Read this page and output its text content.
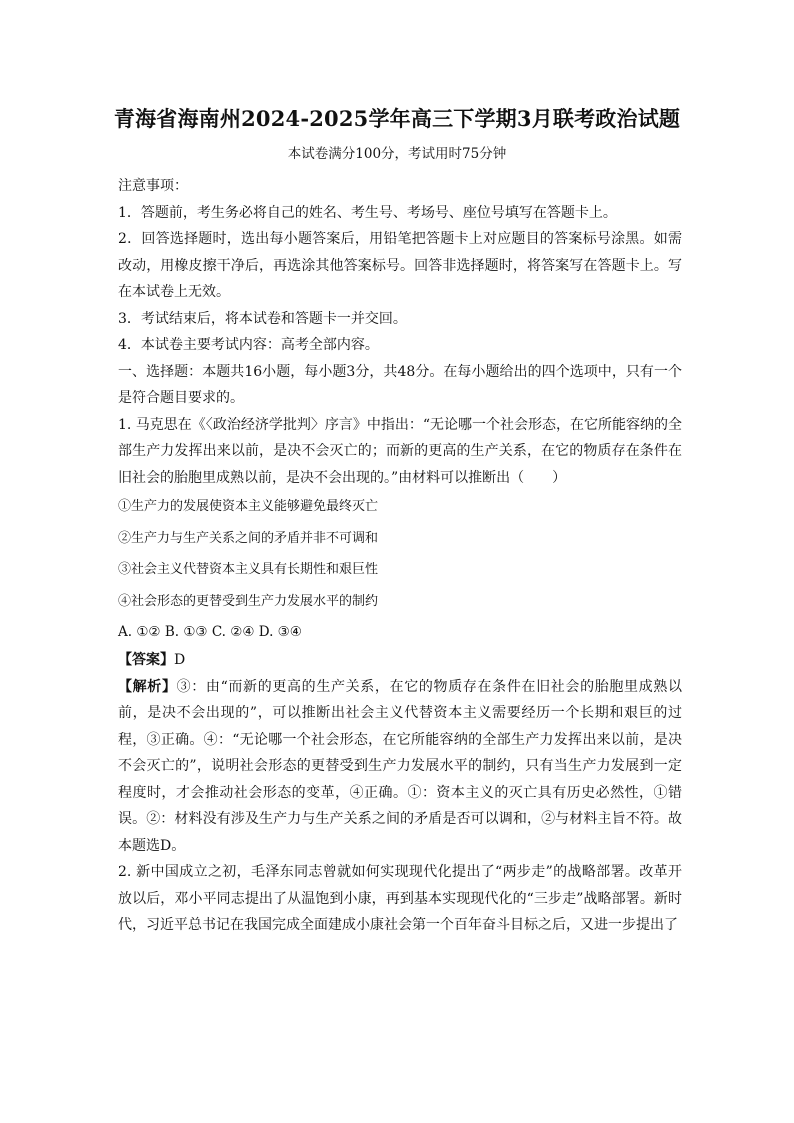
青海省海南州2024-2025学年高三下学期3月联考政治试题
本试卷满分100分，考试用时75分钟

注意事项：

1．答题前，考生务必将自己的姓名、考生号、考场号、座位号填写在答题卡上。

2．回答选择题时，选出每小题答案后，用铅笔把答题卡上对应题目的答案标号涂黑。如需改动，用橡皮擦干净后，再选涂其他答案标号。回答非选择题时，将答案写在答题卡上。写在本试卷上无效。

3．考试结束后，将本试卷和答题卡一并交回。

4．本试卷主要考试内容：高考全部内容。

一、选择题：本题共16小题，每小题3分，共48分。在每小题给出的四个选项中，只有一个是符合题目要求的。

1. 马克思在《〈政治经济学批判〉序言》中指出：“无论哪一个社会形态，在它所能容纳的全部生产力发挥出来以前，是决不会灭亡的；而新的更高的生产关系，在它的物质存在条件在旧社会的胎胞里成熟以前，是决不会出现的。”由材料可以推断出（　　）

①生产力的发展使资本主义能够避免最终灭亡

②生产力与生产关系之间的矛盾并非不可调和

③社会主义代替资本主义具有长期性和艰巨性

④社会形态的更替受到生产力发展水平的制约

A. ①② B. ①③ C. ②④ D. ③④

【答案】D

【解析】③：由“而新的更高的生产关系，在它的物质存在条件在旧社会的胎胞里成熟以前，是决不会出现的”，可以推断出社会主义代替资本主义需要经历一个长期和艰巨的过程，③正确。④：“无论哪一个社会形态，在它所能容纳的全部生产力发挥出来以前，是决不会灭亡的”，说明社会形态的更替受到生产力发展水平的制约，只有当生产力发展到一定程度时，才会推动社会形态的变革，④正确。①：资本主义的灭亡具有历史必然性，①错误。②：材料没有涉及生产力与生产关系之间的矛盾是否可以调和，②与材料主旨不符。故本题选D。

2. 新中国成立之初，毛泽东同志曾就如何实现现代化提出了“两步走”的战略部署。改革开放以后，邓小平同志提出了从温饱到小康，再到基本实现现代化的“三步走”战略部署。新时代，习近平总书记在我国完成全面建成小康社会第一个百年奋斗目标之后，又进一步提出了
